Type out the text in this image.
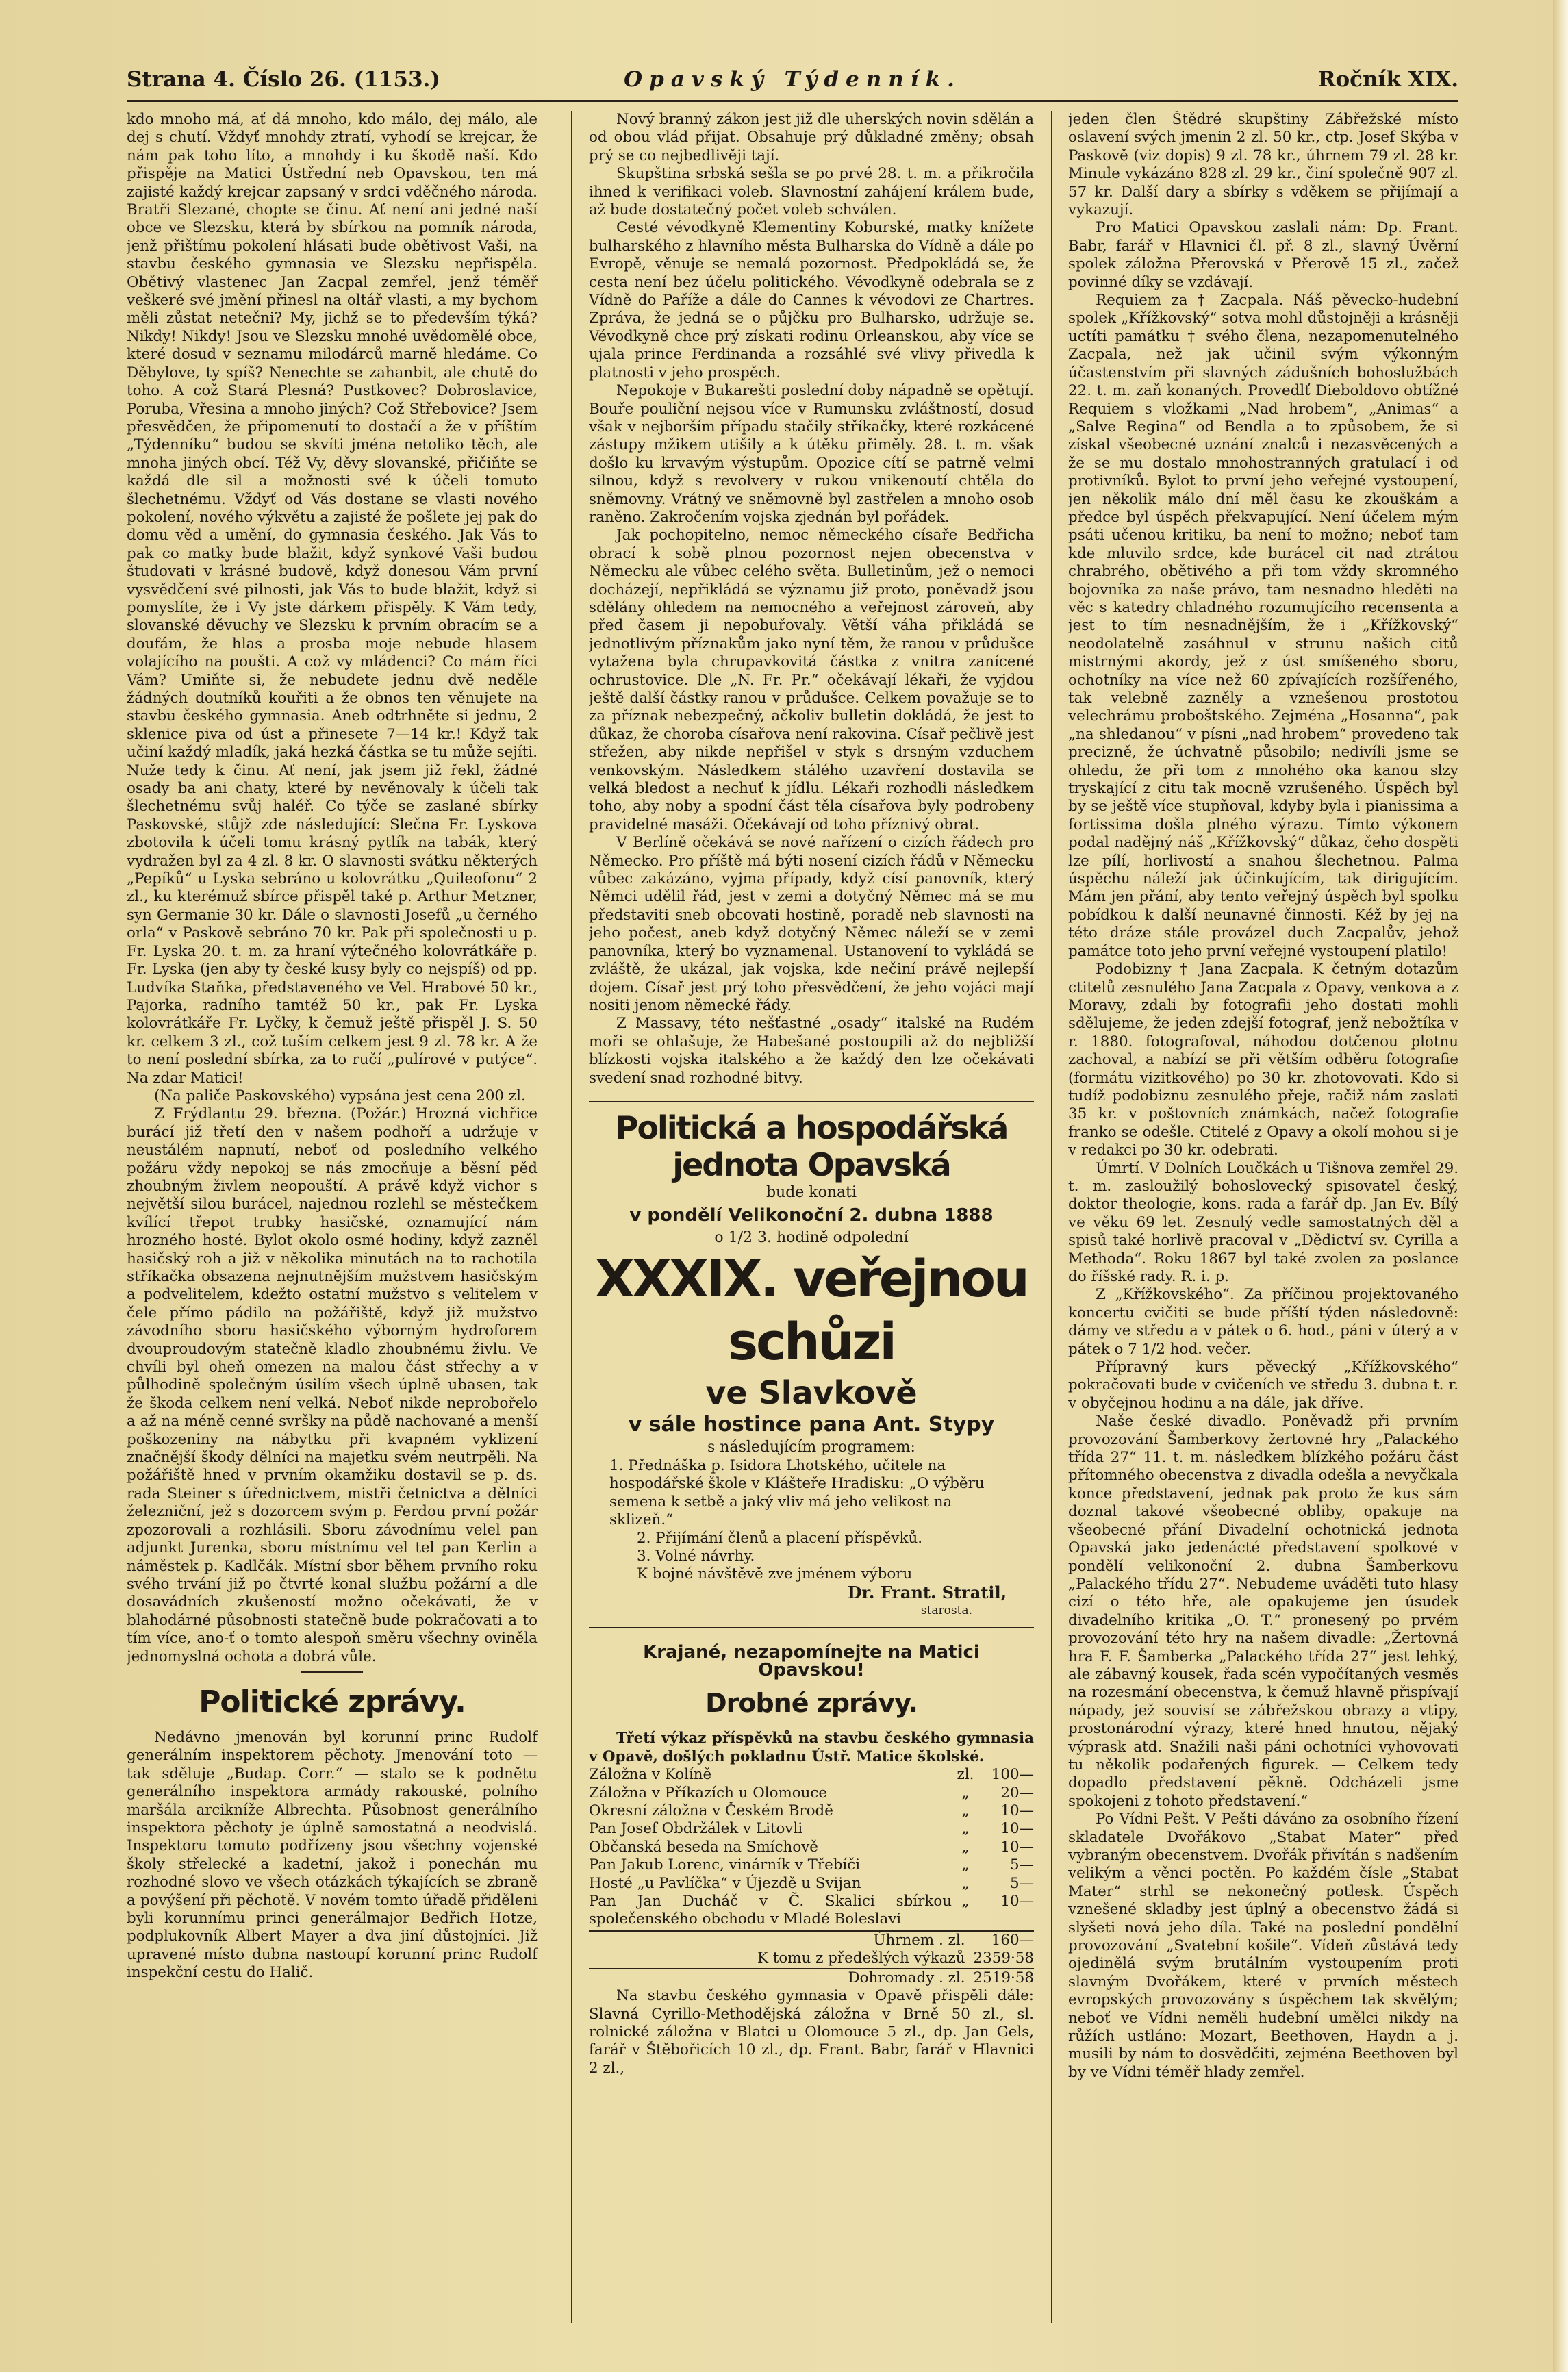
Strana 4. Číslo 26. (1153.)	Opavský Týdenník.	Ročník XIX.

kdo mnoho má, ať dá mnoho, kdo málo, dej málo, ale dej s chutí. Vždyť mnohdy ztratí, vyhodí se krejcar, že nám pak toho líto, a mnohdy i ku škodě naší. Kdo přispěje na Matici Ústřední neb Opavskou, ten má zajisté každý krejcar zapsaný v srdci vděčného národa. Bratři Slezané, chopte se činu. Ať není ani jedné naší obce ve Slezsku, která by sbírkou na pomník národa, jenž přištímu pokolení hlásati bude obětivost Vaši, na stavbu českého gymnasia ve Slezsku nepřispěla. Obětivý vlastenec Jan Zacpal zemřel, jenž téměř veškeré své jmění přinesl na oltář vlasti, a my bychom měli zůstat netečni? My, jichž se to především týká? Nikdy! Nikdy! Jsou ve Slezsku mnohé uvědomělé obce, které dosud v seznamu milodárců marně hledáme. Co Děbylove, ty spíš? Nenechte se zahanbit, ale chutě do toho. A což Stará Plesná? Pustkovec? Dobroslavice, Poruba, Vřesina a mnoho jiných? Což Střebovice? Jsem přesvědčen, že připomenutí to dostačí a že v příštím „Týdenníku“ budou se skvíti jména netoliko těch, ale mnoha jiných obcí. Též Vy, děvy slovanské, přičiňte se každá dle sil a možnosti své k účeli tomuto šlechetnému. Vždyť od Vás dostane se vlasti nového pokolení, nového výkvětu a zajisté že pošlete jej pak do domu věd a umění, do gymnasia českého. Jak Vás to pak co matky bude blažit, když synkové Vaši budou študovati v krásné budově, když donesou Vám první vysvědčení své pilnosti, jak Vás to bude blažit, když si pomyslíte, že i Vy jste dárkem přispěly. K Vám tedy, slovanské děvuchy ve Slezsku k prvním obracím se a doufám, že hlas a prosba moje nebude hlasem volajícího na poušti. A což vy mládenci? Co mám říci Vám? Umiňte si, že nebudete jednu dvě neděle žádných doutníků kouřiti a že obnos ten věnujete na stavbu českého gymnasia. Aneb odtrhněte si jednu, 2 sklenice piva od úst a přinesete 7—14 kr.! Když tak učiní každý mladík, jaká hezká částka se tu může sejíti. Nuže tedy k činu. Ať není, jak jsem již řekl, žádné osady ba ani chaty, které by nevěnovaly k účeli tak šlechetnému svůj haléř. Co týče se zaslané sbírky Paskovské, stůjž zde následující: Slečna Fr. Lyskova zbotovila k účeli tomu krásný pytlík na tabák, který vydražen byl za 4 zl. 8 kr. O slavnosti svátku některých „Pepíků“ u Lyska sebráno u kolovrátku „Quileofonu“ 2 zl., ku kterémuž sbírce přispěl také p. Arthur Metzner, syn Germanie 30 kr. Dále o slavnosti Josefů „u černého orla“ v Paskově sebráno 70 kr. Pak při společnosti u p. Fr. Lyska 20. t. m. za hraní výtečného kolovrátkáře p. Fr. Lyska (jen aby ty české kusy byly co nejspíš) od pp. Ludvíka Staňka, představeného ve Vel. Hrabové 50 kr., Pajorka, radního tamtéž 50 kr., pak Fr. Lyska kolovrátkáře Fr. Lyčky, k čemuž ještě přispěl J. S. 50 kr. celkem 3 zl., což tuším celkem jest 9 zl. 78 kr. A že to není poslední sbírka, za to ručí „pulírové v putýce“. Na zdar Matici!

(Na paliče Paskovského) vypsána jest cena 200 zl.

Z Frýdlantu 29. března. (Požár.) Hrozná vichřice burácí již třetí den v našem podhoří a udržuje v neustálém napnutí, neboť od posledního velkého požáru vždy nepokoj se nás zmocňuje a běsní pěd zhoubným živlem neopouští. A právě když vichor s největší silou burácel, najednou rozlehl se městečkem kvílící třepot trubky hasičské, oznamující nám hrozného hosté. Bylot okolo osmé hodiny, když zazněl hasičský roh a již v několika minutách na to rachotila stříkačka obsazena nejnutnějším mužstvem hasičským a podvelitelem, kdežto ostatní mužstvo s velitelem v čele přímo pádilo na požářiště, když již mužstvo závodního sboru hasičského výborným hydroforem dvouproudovým statečně kladlo zhoubnému živlu. Ve chvíli byl oheň omezen na malou část střechy a v půlhodině společným úsilím všech úplně ubasen, tak že škoda celkem není velká. Neboť nikde neprobořelo a až na méně cenné svršky na půdě nachované a menší poškozeniny na nábytku při kvapném vyklizení značnější škody dělníci na majetku svém neutrpěli. Na požářiště hned v prvním okamžiku dostavil se p. ds. rada Steiner s úřednictvem, mistři četnictva a dělníci železniční, jež s dozorcem svým p. Ferdou první požár zpozorovali a rozhlásili. Sboru závodnímu velel pan adjunkt Jurenka, sboru místnímu vel tel pan Kerlin a náměstek p. Kadlčák. Místní sbor během prvního roku svého trvání již po čtvrté konal službu požární a dle dosavádních zkušeností možno očekávati, že v blahodárné působnosti statečně bude pokračovati a to tím více, ano-ť o tomto alespoň směru všechny oviněla jednomyslná ochota a dobrá vůle.

Politické zprávy.

Nedávno jmenován byl korunní princ Rudolf generálním inspektorem pěchoty. Jmenování toto — tak sděluje „Budap. Corr.“ — stalo se k podnětu generálního inspektora armády rakouské, polního maršála arcikníže Albrechta. Působnost generálního inspektora pěchoty je úplně samostatná a neodvislá. Inspektoru tomuto podřízeny jsou všechny vojenské školy střelecké a kadetní, jakož i ponechán mu rozhodné slovo ve všech otázkách týkajících se zbraně a povýšení při pěchotě. V novém tomto úřadě přiděleni byli korunnímu princi generálmajor Bedřich Hotze, podplukovník Albert Mayer a dva jiní důstojníci. Již upravené místo dubna nastoupí korunní princ Rudolf inspekční cestu do Halič.

Nový branný zákon jest již dle uherských novin sdělán a od obou vlád přijat. Obsahuje prý důkladné změny; obsah prý se co nejbedlivěji tají.

Skupština srbská sešla se po prvé 28. t. m. a přikročila ihned k verifikaci voleb. Slavnostní zahájení králem bude, až bude dostatečný počet voleb schválen.

Cesté vévodkyně Klementiny Koburské, matky knížete bulharského z hlavního města Bulharska do Vídně a dále po Evropě, věnuje se nemalá pozornost. Předpokládá se, že cesta není bez účelu politického. Vévodkyně odebrala se z Vídně do Paříže a dále do Cannes k vévodovi ze Chartres. Zpráva, že jedná se o půjčku pro Bulharsko, udržuje se. Vévodkyně chce prý získati rodinu Orleanskou, aby více se ujala prince Ferdinanda a rozsáhlé své vlivy přivedla k platnosti v jeho prospěch.

Nepokoje v Bukarešti poslední doby nápadně se opětují. Bouře pouliční nejsou více v Rumunsku zvláštností, dosud však v nejborším případu stačily stříkačky, které rozkácené zástupy mžikem utišily a k útěku přiměly. 28. t. m. však došlo ku krvavým výstupům. Opozice cítí se patrně velmi silnou, když s revolvery v rukou vnikenoutí chtěla do sněmovny. Vrátný ve sněmovně byl zastřelen a mnoho osob raněno. Zakročením vojska zjednán byl pořádek.

Jak pochopitelno, nemoc německého císaře Bedřicha obrací k sobě plnou pozornost nejen obecenstva v Německu ale vůbec celého světa. Bulletinům, jež o nemoci docházejí, nepřikládá se významu již proto, poněvadž jsou sdělány ohledem na nemocného a veřejnost zároveň, aby před časem ji nepobuřovaly. Větší váha přikládá se jednotlivým příznakům jako nyní těm, že ranou v průdušce vytažena byla chrupavkovitá částka z vnitra zanícené ochrustovice. Dle „N. Fr. Pr.“ očekávají lékaři, že vyjdou ještě další částky ranou v průdušce. Celkem považuje se to za příznak nebezpečný, ačkoliv bulletin dokládá, že jest to důkaz, že choroba císařova není rakovina. Císař pečlivě jest střežen, aby nikde nepřišel v styk s drsným vzduchem venkovským. Následkem stálého uzavření dostavila se velká bledost a nechuť k jídlu. Lékaři rozhodli následkem toho, aby noby a spodní část těla císařova byly podrobeny pravidelné masáži. Očekávají od toho příznivý obrat.

V Berlíně očekává se nové nařízení o cizích řádech pro Německo. Pro příště má býti nosení cizích řádů v Německu vůbec zakázáno, vyjma případy, když císí panovník, který Němci udělil řád, jest v zemi a dotyčný Němec má se mu představiti sneb obcovati hostině, poradě neb slavnosti na jeho počest, aneb když dotyčný Němec náleží se v zemi panovníka, který bo vyznamenal. Ustanovení to vykládá se zvláště, že ukázal, jak vojska, kde nečiní právě nejlepší dojem. Císař jest prý toho přesvědčení, že jeho vojáci mají nositi jenom německé řády.

Z Massavy, této nešťastné „osady“ italské na Rudém moři se ohlašuje, že Habešané postoupili až do nejbližší blízkosti vojska italského a že každý den lze očekávati svedení snad rozhodné bitvy.

Politická a hospodářská jednota Opavská
bude konati
v pondělí Velikonoční 2. dubna 1888
o 1/2 3. hodině odpolední
XXXIX. veřejnou schůzi
ve Slavkově
v sále hostince pana Ant. Stypy
s následujícím programem:

1. Přednáška p. Isidora Lhotského, učitele na hospodářské škole v Klášteře Hradisku: „O výběru semena k setbě a jaký vliv má jeho velikost na sklizeň.“

2. Přijímání členů a placení příspěvků.

3. Volné návrhy.

K bojné návštěvě zve jménem výboru

Dr. Frant. Stratil,
starosta.
Krajané, nezapomínejte na Matici Opavskou!
Drobné zprávy.

Třetí výkaz příspěvků na stavbu českého gymnasia v Opavě, došlých pokladnu Ústř. Matice školské.

Záložna v Kolíně	zl.	100—
Záložna v Příkazích u Olomouce	„	20—
Okresní záložna v Českém Brodě	„	10—
Pan Josef Obdržálek v Litovli	„	10—
Občanská beseda na Smíchově	„	10—
Pan Jakub Lorenc, vinárník v Třebíči	„	5—
Hosté „u Pavlíčka“ v Újezdě u Svijan	„	5—
Pan Jan Ducháč v Č. Skalici sbírkou společenského obchodu v Mladé Boleslavi	„	10—
Úhrnem . zl.	160—
K tomu z předešlých výkazů	2359·58
Dohromady . zl.	2519·58

Na stavbu českého gymnasia v Opavě přispěli dále: Slavná Cyrillo-Methodějská záložna v Brně 50 zl., sl. rolnické záložna v Blatci u Olomouce 5 zl., dp. Jan Gels, farář v Štěbořicích 10 zl., dp. Frant. Babr, farář v Hlavnici 2 zl.,

jeden člen Štědré skupštiny Zábřežské místo oslavení svých jmenin 2 zl. 50 kr., ctp. Josef Skýba v Paskově (viz dopis) 9 zl. 78 kr., úhrnem 79 zl. 28 kr. Minule vykázáno 828 zl. 29 kr., činí společně 907 zl. 57 kr. Další dary a sbírky s vděkem se přijímají a vykazují.

Pro Matici Opavskou zaslali nám: Dp. Frant. Babr, farář v Hlavnici čl. př. 8 zl., slavný Úvěrní spolek záložna Přerovská v Přerově 15 zl., začež povinné díky se vzdávají.

Requiem za † Zacpala. Náš pěvecko-hudební spolek „Křížkovský“ sotva mohl důstojněji a krásněji uctíti památku † svého člena, nezapomenutelného Zacpala, než jak učinil svým výkonným účastenstvím při slavných zádušních bohoslužbách 22. t. m. zaň konaných. Provedlť Dieboldovo obtížné Requiem s vložkami „Nad hrobem“, „Animas“ a „Salve Regina“ od Bendla a to způsobem, že si získal všeobecné uznání znalců i nezasvěcených a že se mu dostalo mnohostranných gratulací i od protivníků. Bylot to první jeho veřejné vystoupení, jen několik málo dní měl času ke zkouškám a předce byl úspěch překvapující. Není účelem mým psáti učenou kritiku, ba není to možno; neboť tam kde mluvilo srdce, kde burácel cit nad ztrátou chrabrého, obětivého a při tom vždy skromného bojovníka za naše právo, tam nesnadno hleděti na věc s katedry chladného rozumujícího recensenta a jest to tím nesnadnějším, že i „Křížkovský“ neodolatelně zasáhnul v strunu našich citů mistrnými akordy, jež z úst smíšeného sboru, ochotníky na více než 60 zpívajících rozšířeného, tak velebně zazněly a vznešenou prostotou velechrámu proboštského. Zejména „Hosanna“, pak „na shledanou“ v písni „nad hrobem“ provedeno tak precizně, že úchvatně působilo; nedivíli jsme se ohledu, že při tom z mnohého oka kanou slzy tryskající z citu tak mocně vzrušeného. Úspěch byl by se ještě více stupňoval, kdyby byla i pianissima a fortissima došla plného výrazu. Tímto výkonem podal nadějný náš „Křížkovský“ důkaz, čeho dospěti lze pílí, horlivostí a snahou šlechetnou. Palma úspěchu náleží jak účinkujícím, tak dirigujícím. Mám jen přání, aby tento veřejný úspěch byl spolku pobídkou k další neunavné činnosti. Kéž by jej na této dráze stále provázel duch Zacpalův, jehož památce toto jeho první veřejné vystoupení platilo!

Podobizny † Jana Zacpala. K četným dotazům ctitelů zesnulého Jana Zacpala z Opavy, venkova a z Moravy, zdali by fotografii jeho dostati mohli sdělujeme, že jeden zdejší fotograf, jenž nebožtíka v r. 1880. fotografoval, náhodou dotčenou plotnu zachoval, a nabízí se při větším odběru fotografie (formátu vizitkového) po 30 kr. zhotovovati. Kdo si tudíž podobiznu zesnulého přeje, račiž nám zaslati 35 kr. v poštovních známkách, načež fotografie franko se odešle. Ctitelé z Opavy a okolí mohou si je v redakci po 30 kr. odebrati.

Úmrtí. V Dolních Loučkách u Tišnova zemřel 29. t. m. zasloužilý bohoslovecký spisovatel český, doktor theologie, kons. rada a farář dp. Jan Ev. Bílý ve věku 69 let. Zesnulý vedle samostatných děl a spisů také horlivě pracoval v „Dědictví sv. Cyrilla a Methoda“. Roku 1867 byl také zvolen za poslance do říšské rady. R. i. p.

Z „Křížkovského“. Za příčinou projektovaného koncertu cvičiti se bude příští týden následovně: dámy ve středu a v pátek o 6. hod., páni v úterý a v pátek o 7 1/2 hod. večer.

Přípravný kurs pěvecký „Křížkovského“ pokračovati bude v cvičeních ve středu 3. dubna t. r. v obyčejnou hodinu a na dále, jak dříve.

Naše české divadlo. Poněvadž při prvním provozování Šamberkovy žertovné hry „Palackého třída 27“ 11. t. m. následkem blízkého požáru část přítomného obecenstva z divadla odešla a nevyčkala konce představení, jednak pak proto že kus sám doznal takové všeobecné obliby, opakuje na všeobecné přání Divadelní ochotnická jednota Opavská jako jedenácté představení spolkové v pondělí velikonoční 2. dubna Šamberkovu „Palackého třídu 27“. Nebudeme uváděti tuto hlasy cizí o této hře, ale opakujeme jen úsudek divadelního kritika „O. T.“ pronesený po prvém provozování této hry na našem divadle: „Žertovná hra F. F. Šamberka „Palackého třída 27“ jest lehký, ale zábavný kousek, řada scén vypočítaných vesměs na rozesmání obecenstva, k čemuž hlavně přispívají nápady, jež souvisí se zábřežskou obrazy a vtipy, prostonárodní výrazy, které hned hnutou, nějaký výprask atd. Snažili naši páni ochotníci vyhovovati tu několik podařených figurek. — Celkem tedy dopadlo představení pěkně. Odcházeli jsme spokojeni z tohoto představení.“

Po Vídni Pešt. V Pešti dáváno za osobního řízení skladatele Dvořákovo „Stabat Mater“ před vybraným obecenstvem. Dvořák přivítán s nadšením velikým a věnci poctěn. Po každém čísle „Stabat Mater“ strhl se nekonečný potlesk. Úspěch vznešené skladby jest úplný a obecenstvo žádá si slyšeti nová jeho díla. Také na poslední pondělní provozování „Svatební košile“. Vídeň zůstává tedy ojedinělá svým brutálním vystoupením proti slavným Dvořákem, které v prvních městech evropských provozovány s úspěchem tak skvělým; neboť ve Vídni neměli hudební umělci nikdy na růžích ustláno: Mozart, Beethoven, Haydn a j. musili by nám to dosvědčiti, zejména Beethoven byl by ve Vídni téměř hlady zemřel.
